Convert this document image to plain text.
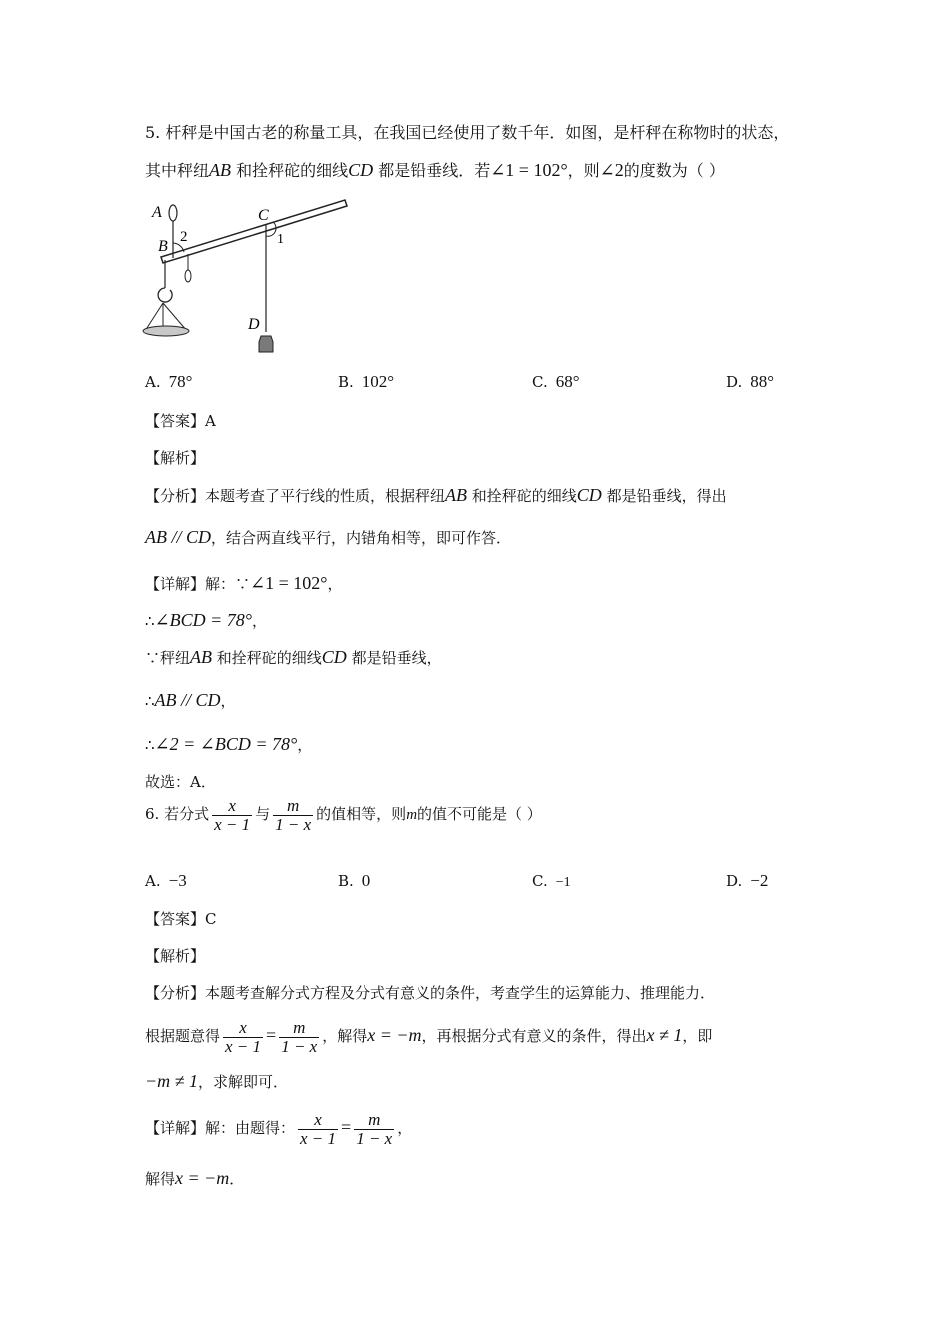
5. 杆秤是中国古老的称量工具，在我国已经使用了数千年．如图，是杆秤在称物时的状态，
其中秤纽AB 和拴秤砣的细线CD 都是铅垂线．若∠1 = 102°，则∠2的度数为（ ）
A
2
B
C
1
D
A. 78°	B. 102°	C. 68°	D. 88°
【答案】A
【解析】
【分析】本题考查了平行线的性质，根据秤纽AB 和拴秤砣的细线CD 都是铅垂线，得出
AB // CD，结合两直线平行，内错角相等，即可作答．
【详解】解：∵∠1 = 102°，
∴∠BCD = 78°，
∵秤纽AB 和拴秤砣的细线CD 都是铅垂线，
∴AB // CD，
∴∠2 = ∠BCD = 78°，
故选：A．
6. 若分式 $\frac{x}{x - 1}$ 与 $\frac{m}{1 - x}$ 的值相等，则m的值不可能是（ ）
A. −3	B. 0	C. −1	D. −2
【答案】C
【解析】
【分析】本题考查解分式方程及分式有意义的条件，考查学生的运算能力、推理能力．
根据题意得 $\frac{x}{x - 1} = \frac{m}{1 - x}$ ，解得x = −m，再根据分式有意义的条件，得出x ≠ 1，即
−m ≠ 1，求解即可．
【详解】解：由题得： $\frac{x}{x - 1} = \frac{m}{1 - x}$ ，
解得x = −m．
